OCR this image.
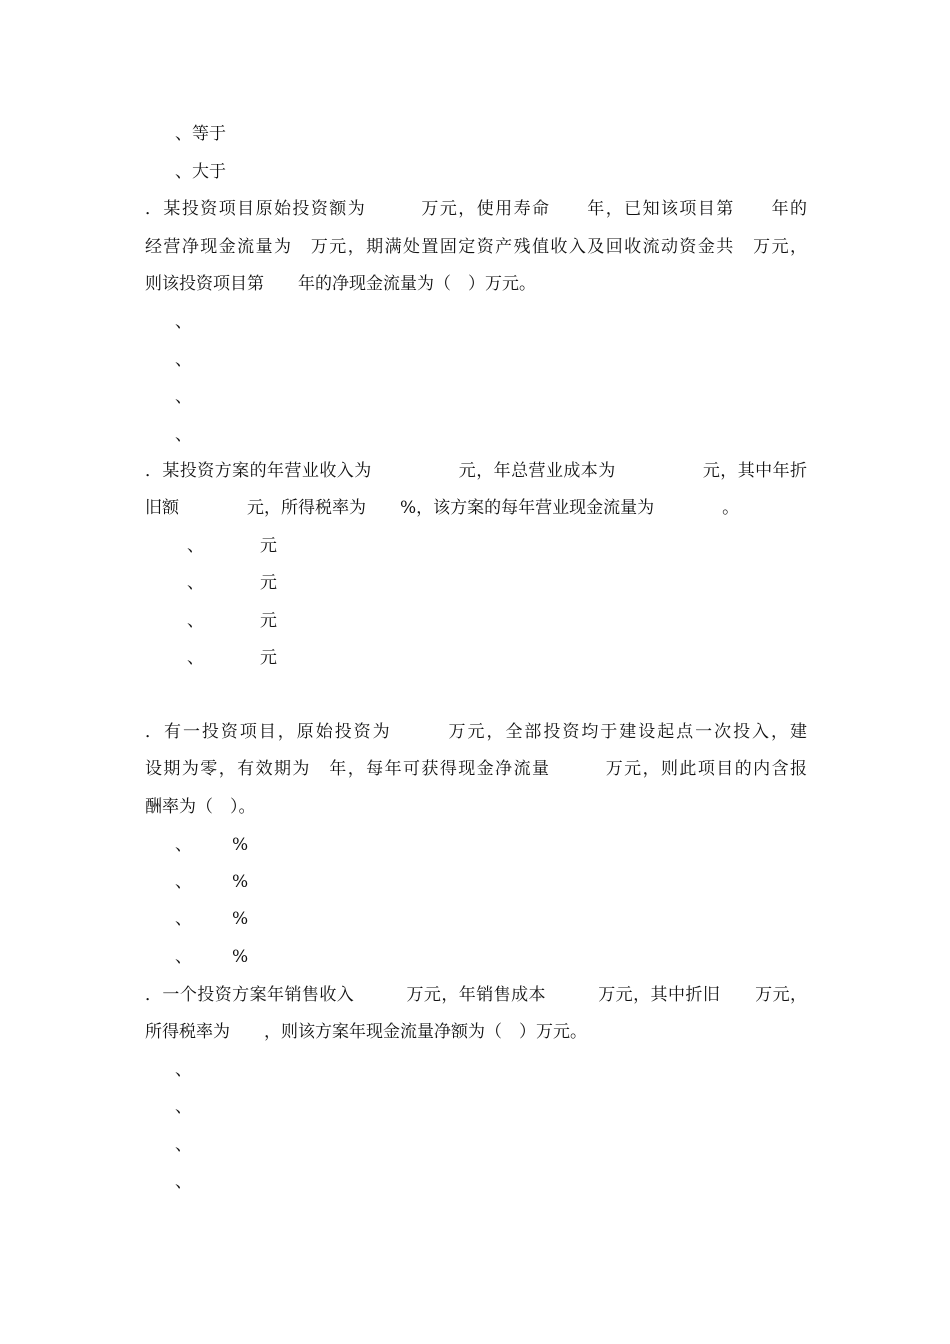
、等于
、大于
．某投资项目原始投资额为　　　万元，使用寿命　　年，已知该项目第　　年的
经营净现金流量为　万元，期满处置固定资产残值收入及回收流动资金共　万元，
则该投资项目第　　年的净现金流量为（　）万元。
、
、
、
、
．某投资方案的年营业收入为　　　　　元，年总营业成本为　　　　　元，其中年折
旧额　　　　元，所得税率为　　%，该方案的每年营业现金流量为　　　　。
、	元
、	元
、	元
、	元
．有一投资项目，原始投资为　　　万元，全部投资均于建设起点一次投入，建
设期为零，有效期为　年，每年可获得现金净流量　　　万元，则此项目的内含报
酬率为（　）。
、 %
、 %
、 %
、 %
．一个投资方案年销售收入　　　万元，年销售成本　　　万元，其中折旧　　万元，
所得税率为　　，则该方案年现金流量净额为（　）万元。
、
、
、
、
